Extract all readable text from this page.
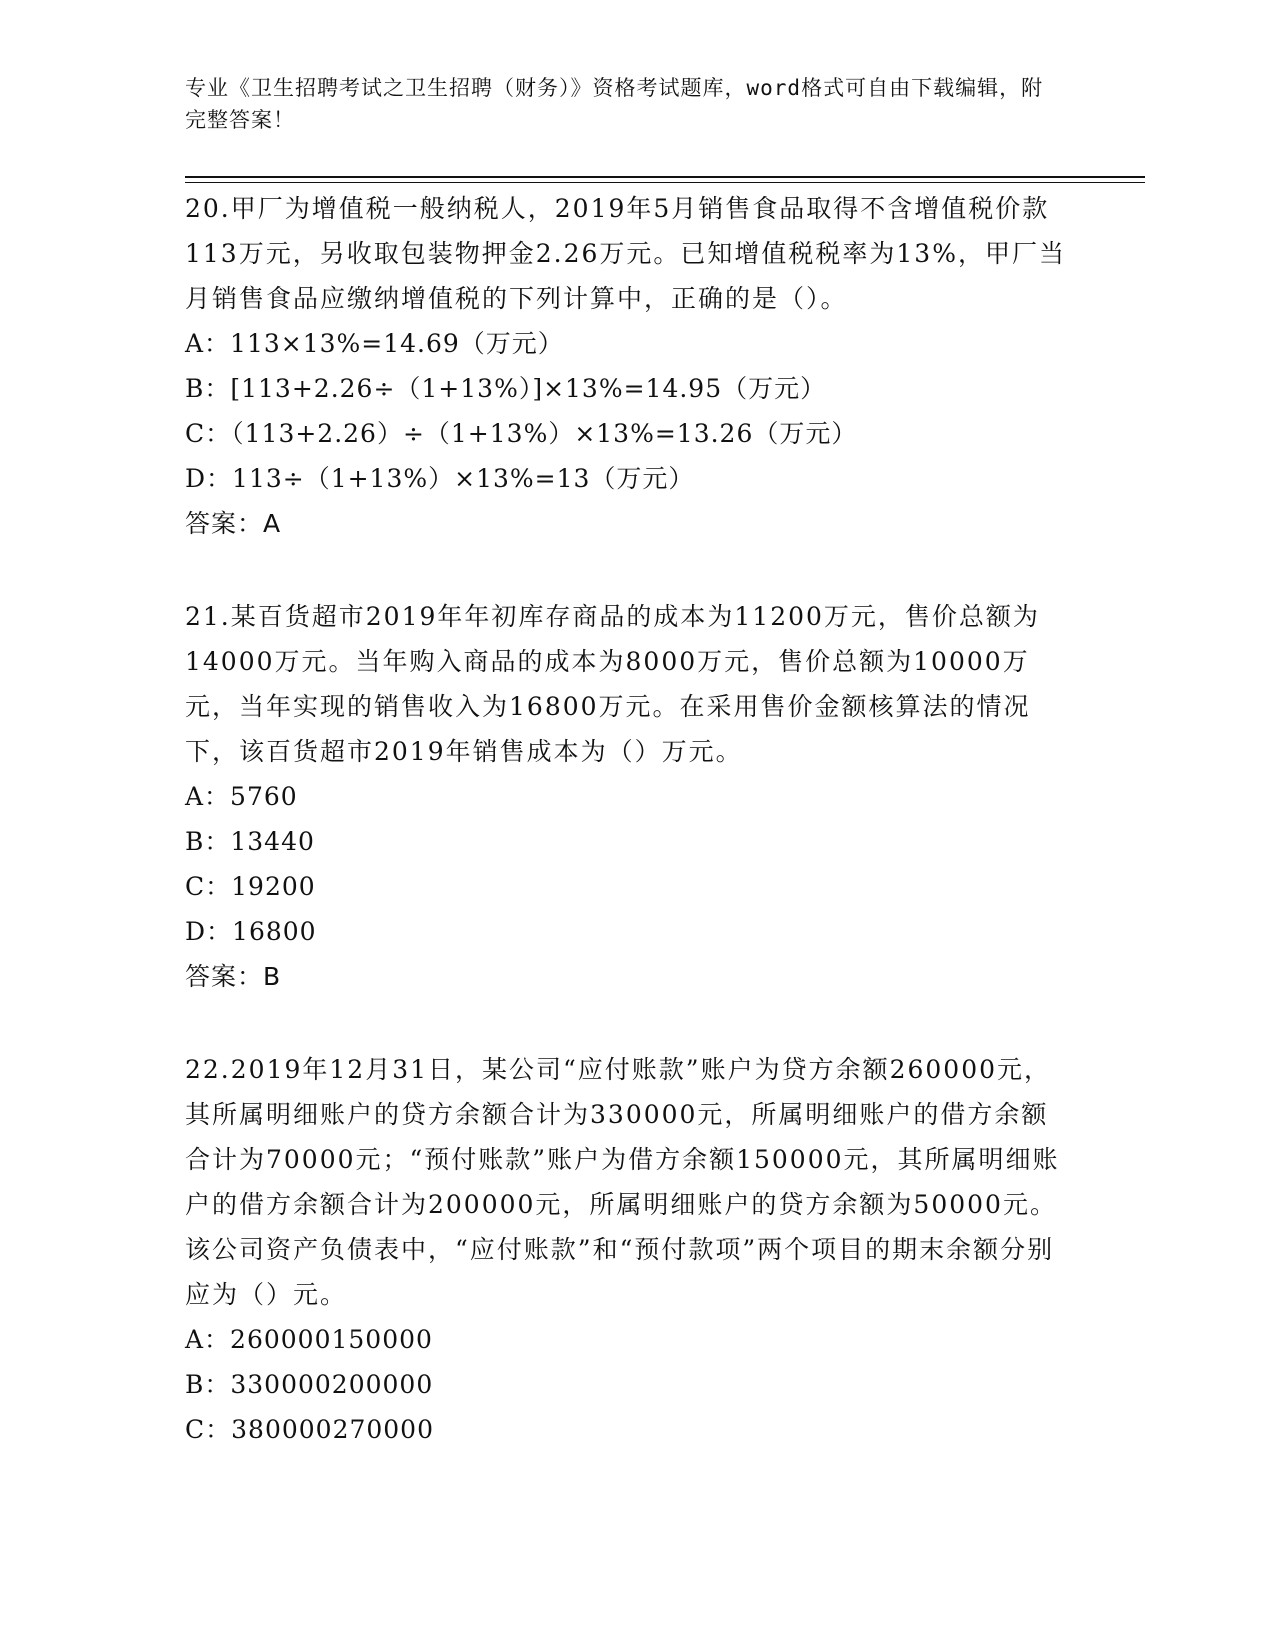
专业《卫生招聘考试之卫生招聘（财务）》资格考试题库，word格式可自由下载编辑，附完整答案！

20.甲厂为增值税一般纳税人，2019年5月销售食品取得不含增值税价款113万元，另收取包装物押金2.26万元。已知增值税税率为13%，甲厂当月销售食品应缴纳增值税的下列计算中，正确的是（）。

A：113×13%=14.69（万元）

B：[113+2.26÷（1+13%）]×13%=14.95（万元）

C：（113+2.26）÷（1+13%）×13%=13.26（万元）

D：113÷（1+13%）×13%=13（万元）

答案：A

21.某百货超市2019年年初库存商品的成本为11200万元，售价总额为14000万元。当年购入商品的成本为8000万元，售价总额为10000万元，当年实现的销售收入为16800万元。在采用售价金额核算法的情况下，该百货超市2019年销售成本为（）万元。

A：5760

B：13440

C：19200

D：16800

答案：B

22.2019年12月31日，某公司“应付账款”账户为贷方余额260000元，其所属明细账户的贷方余额合计为330000元，所属明细账户的借方余额合计为70000元；“预付账款”账户为借方余额150000元，其所属明细账户的借方余额合计为200000元，所属明细账户的贷方余额为50000元。该公司资产负债表中，“应付账款”和“预付款项”两个项目的期末余额分别应为（）元。

A：260000150000

B：330000200000

C：380000270000
